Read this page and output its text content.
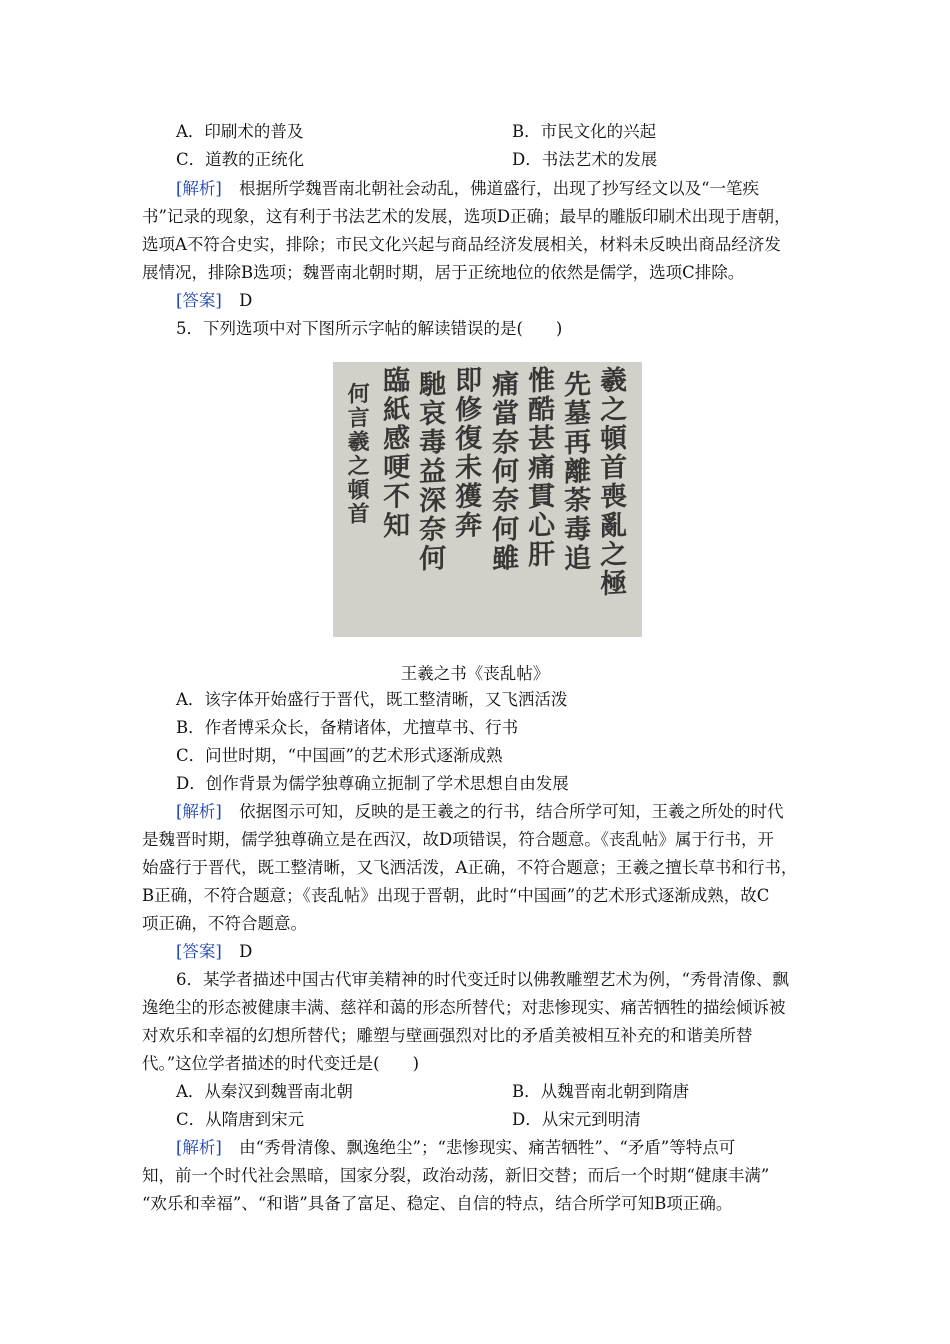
A．印刷术的普及	B．市民文化的兴起
C．道教的正统化	D．书法艺术的发展
[解析] 根据所学魏晋南北朝社会动乱，佛道盛行，出现了抄写经文以及“一笔疾
书”记录的现象，这有利于书法艺术的发展，选项D正确；最早的雕版印刷术出现于唐朝，
选项A不符合史实，排除；市民文化兴起与商品经济发展相关，材料未反映出商品经济发
展情况，排除B选项；魏晋南北朝时期，居于正统地位的依然是儒学，选项C排除。
[答案] D
5．下列选项中对下图所示字帖的解读错误的是(　　)
羲之頓首喪亂之極
先墓再離荼毒追
惟酷甚痛貫心肝
痛當奈何奈何雖
即修復未獲奔
馳哀毒益深奈何
臨紙感哽不知
何言羲之頓首
王羲之书《丧乱帖》
A．该字体开始盛行于晋代，既工整清晰，又飞洒活泼
B．作者博采众长，备精诸体，尤擅草书、行书
C．问世时期，“中国画”的艺术形式逐渐成熟
D．创作背景为儒学独尊确立扼制了学术思想自由发展
[解析] 依据图示可知，反映的是王羲之的行书，结合所学可知，王羲之所处的时代
是魏晋时期，儒学独尊确立是在西汉，故D项错误，符合题意。《丧乱帖》属于行书，开
始盛行于晋代，既工整清晰，又飞洒活泼，A正确，不符合题意；王羲之擅长草书和行书，
B正确，不符合题意；《丧乱帖》出现于晋朝，此时“中国画”的艺术形式逐渐成熟，故C
项正确，不符合题意。
[答案] D
6．某学者描述中国古代审美精神的时代变迁时以佛教雕塑艺术为例，“秀骨清像、飘
逸绝尘的形态被健康丰满、慈祥和蔼的形态所替代；对悲惨现实、痛苦牺牲的描绘倾诉被
对欢乐和幸福的幻想所替代；雕塑与壁画强烈对比的矛盾美被相互补充的和谐美所替
代。”这位学者描述的时代变迁是(　　)
A．从秦汉到魏晋南北朝	B．从魏晋南北朝到隋唐
C．从隋唐到宋元	D．从宋元到明清
[解析] 由“秀骨清像、飘逸绝尘”；“悲惨现实、痛苦牺牲”、“矛盾”等特点可
知，前一个时代社会黑暗，国家分裂，政治动荡，新旧交替；而后一个时期“健康丰满”
“欢乐和幸福”、“和谐”具备了富足、稳定、自信的特点，结合所学可知B项正确。
